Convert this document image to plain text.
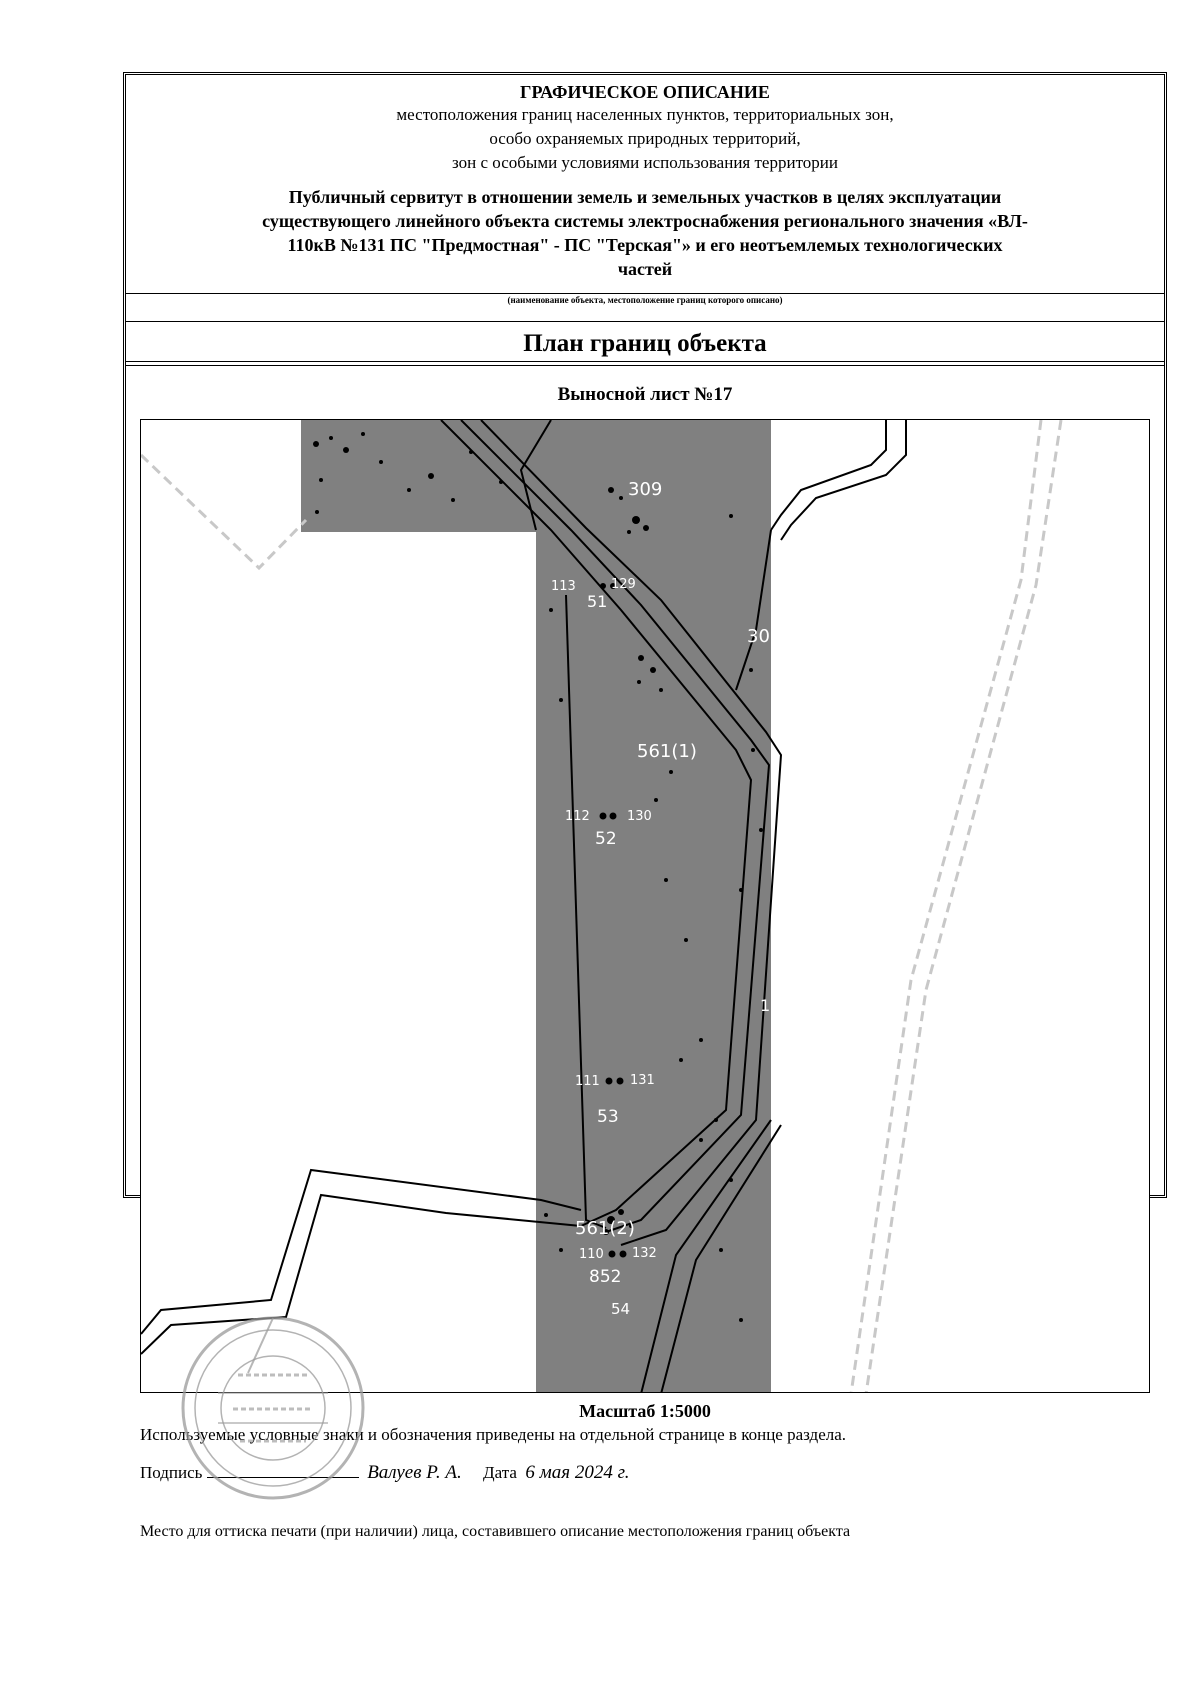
ГРАФИЧЕСКОЕ ОПИСАНИЕ
местоположения границ населенных пунктов, территориальных зон,
особо охраняемых природных территорий,
зон с особыми условиями использования территории
Публичный сервитут в отношении земель и земельных участков в целях эксплуатации
существующего линейного объекта системы электроснабжения регионального значения «ВЛ-
110кВ №131 ПС "Предмостная" - ПС "Терская"» и его неотъемлемых технологических
частей
(наименование объекта, местоположение границ которого описано)
План границ объекта
Выносной лист №17
309
113	129
51
305
561(1)
112	130
52
1
111 131
53
561(2)
110 132
852
54
Масштаб 1:5000
Используемые условные знаки и обозначения приведены на отдельной странице в конце раздела.
Подпись	Валуев Р. А. Дата 6 мая 2024 г.
Место для оттиска печати (при наличии) лица, составившего описание местоположения границ объекта
